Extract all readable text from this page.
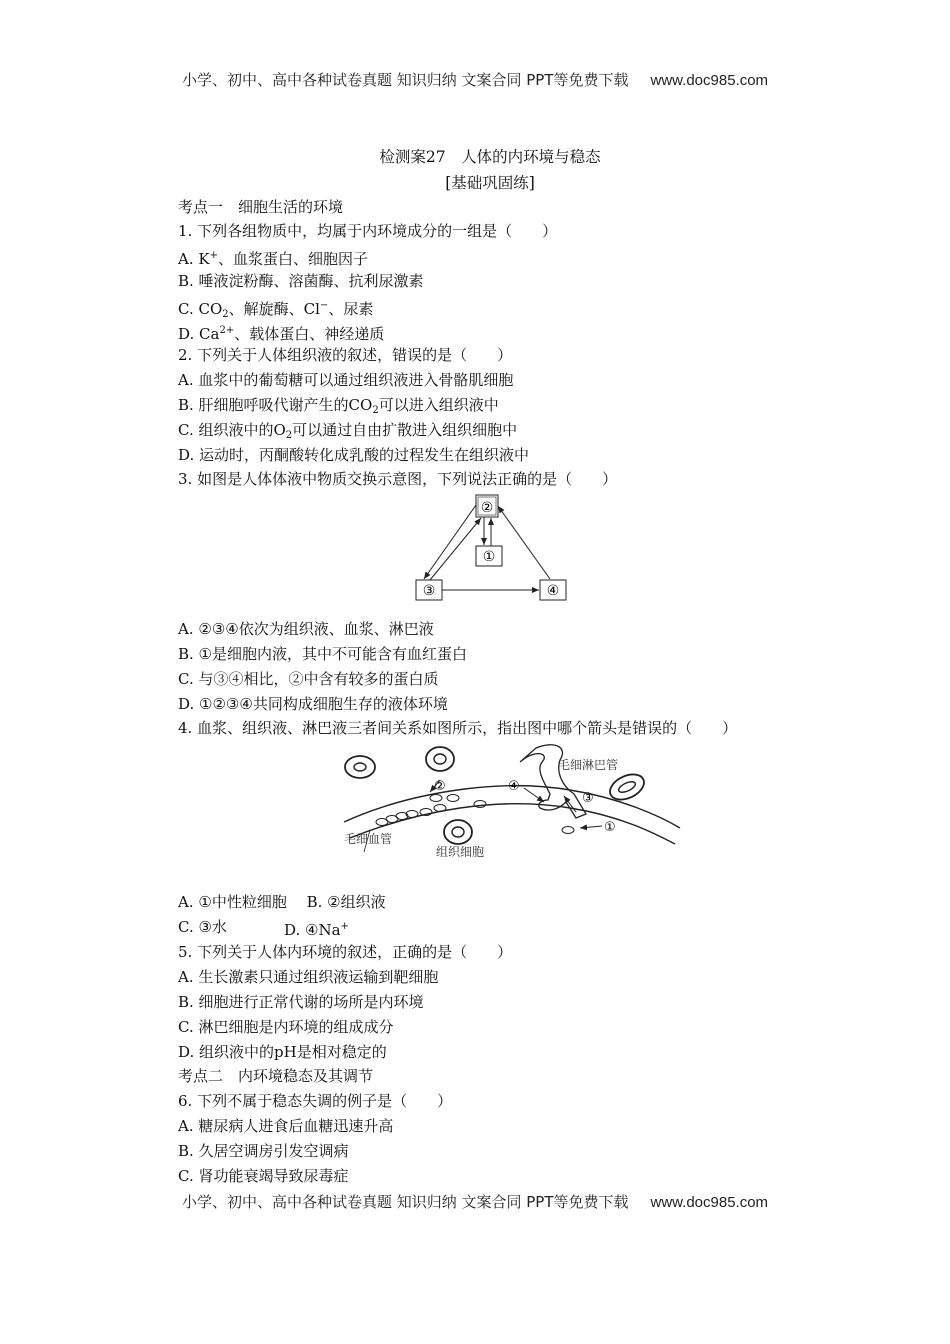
小学、初中、高中各种试卷真题 知识归纳 文案合同 PPT等免费下载 www.doc985.com
检测案27　人体的内环境与稳态
[基础巩固练]
考点一　细胞生活的环境
1. 下列各组物质中，均属于内环境成分的一组是（　　）
A. K+、血浆蛋白、细胞因子
B. 唾液淀粉酶、溶菌酶、抗利尿激素
C. $CO_2$、解旋酶、Cl−、尿素
D. $Ca^{2+}$、载体蛋白、神经递质
2. 下列关于人体组织液的叙述，错误的是（　　）
A. 血浆中的葡萄糖可以通过组织液进入骨骼肌细胞
B. 肝细胞呼吸代谢产生的$CO_2$可以进入组织液中
C. 组织液中的$O_2$可以通过自由扩散进入组织细胞中
D. 运动时，丙酮酸转化成乳酸的过程发生在组织液中
3. 如图是人体体液中物质交换示意图，下列说法正确的是（　　）
②
①
③	④
A. ②③④依次为组织液、血浆、淋巴液
B. ①是细胞内液，其中不可能含有血红蛋白
C. 与③④相比，②中含有较多的蛋白质
D. ①②③④共同构成细胞生存的液体环境
4. 血浆、组织液、淋巴液三者间关系如图所示，指出图中哪个箭头是错误的（　　）
毛细血管
组织细胞
毛细淋巴管
②	④
③
①
A. ①中性粒细胞　 B. ②组织液
C. ③水	D. ④Na+
5. 下列关于人体内环境的叙述，正确的是（　　）
A. 生长激素只通过组织液运输到靶细胞
B. 细胞进行正常代谢的场所是内环境
C. 淋巴细胞是内环境的组成成分
D. 组织液中的pH是相对稳定的
考点二　内环境稳态及其调节
6. 下列不属于稳态失调的例子是（　　）
A. 糖尿病人进食后血糖迅速升高
B. 久居空调房引发空调病
C. 肾功能衰竭导致尿毒症
小学、初中、高中各种试卷真题 知识归纳 文案合同 PPT等免费下载 www.doc985.com
